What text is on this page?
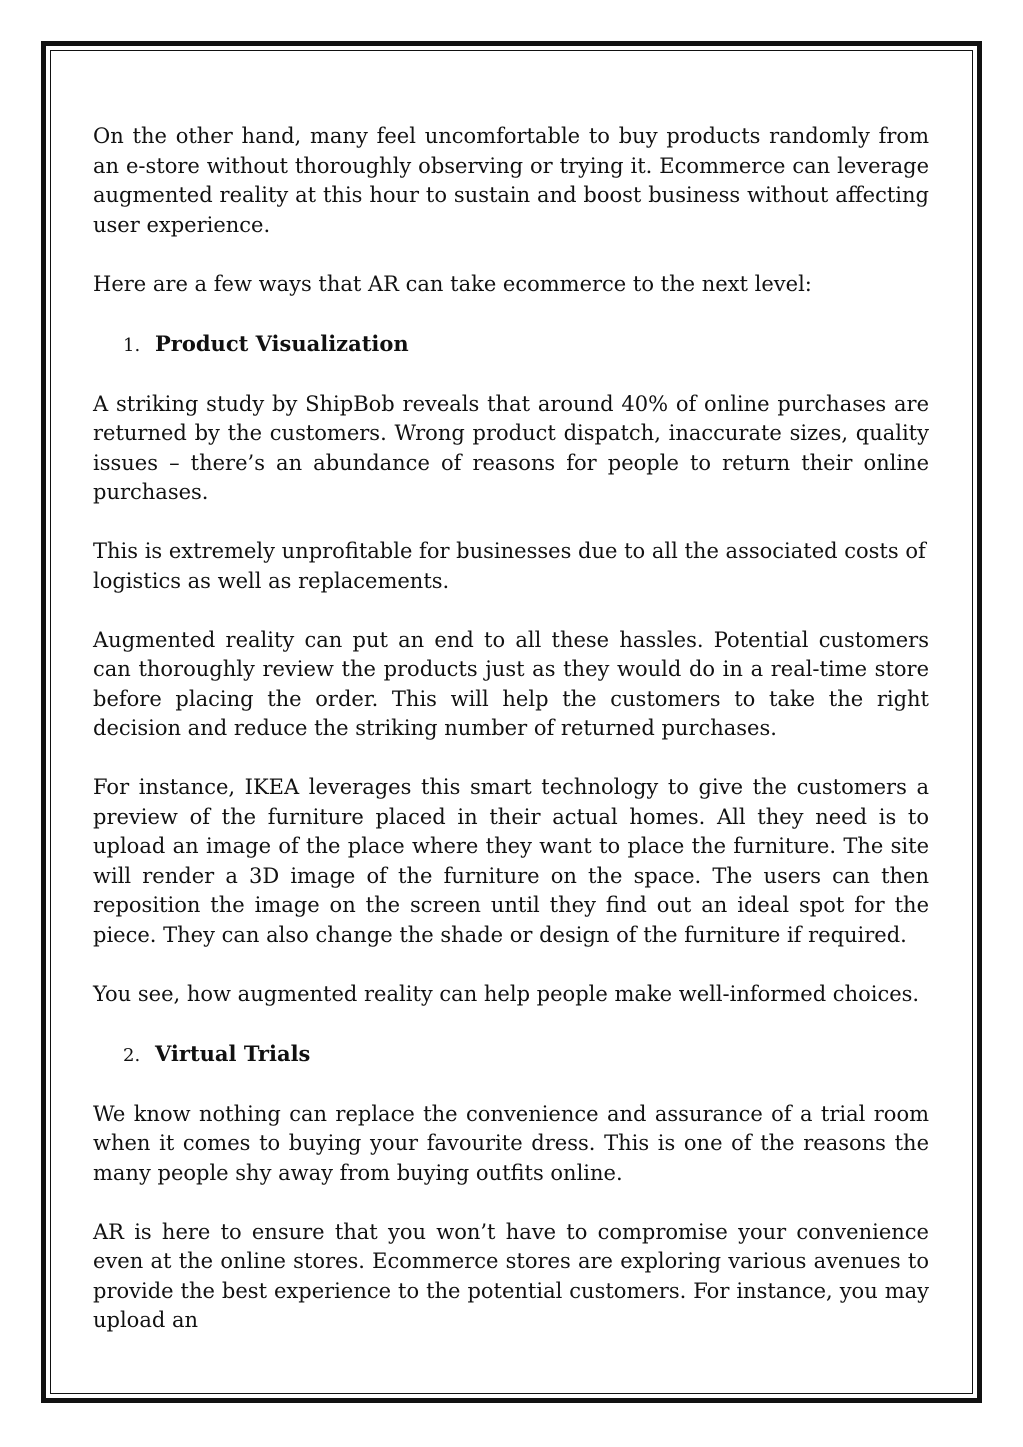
On the other hand, many feel uncomfortable to buy products randomly from an e-store without thoroughly observing or trying it. Ecommerce can leverage augmented reality at this hour to sustain and boost business without affecting user experience.

Here are a few ways that AR can take ecommerce to the next level:

1. Product Visualization

A striking study by ShipBob reveals that around 40% of online purchases are returned by the customers. Wrong product dispatch, inaccurate sizes, quality issues – there’s an abundance of reasons for people to return their online purchases.

This is extremely unprofitable for businesses due to all the associated costs of logistics as well as replacements.

Augmented reality can put an end to all these hassles. Potential customers can thoroughly review the products just as they would do in a real-time store before placing the order. This will help the customers to take the right decision and reduce the striking number of returned purchases.

For instance, IKEA leverages this smart technology to give the customers a preview of the furniture placed in their actual homes. All they need is to upload an image of the place where they want to place the furniture. The site will render a 3D image of the furniture on the space. The users can then reposition the image on the screen until they find out an ideal spot for the piece. They can also change the shade or design of the furniture if required.

You see, how augmented reality can help people make well-informed choices.

2. Virtual Trials

We know nothing can replace the convenience and assurance of a trial room when it comes to buying your favourite dress. This is one of the reasons the many people shy away from buying outfits online.

AR is here to ensure that you won’t have to compromise your convenience even at the online stores. Ecommerce stores are exploring various avenues to provide the best experience to the potential customers. For instance, you may upload an
